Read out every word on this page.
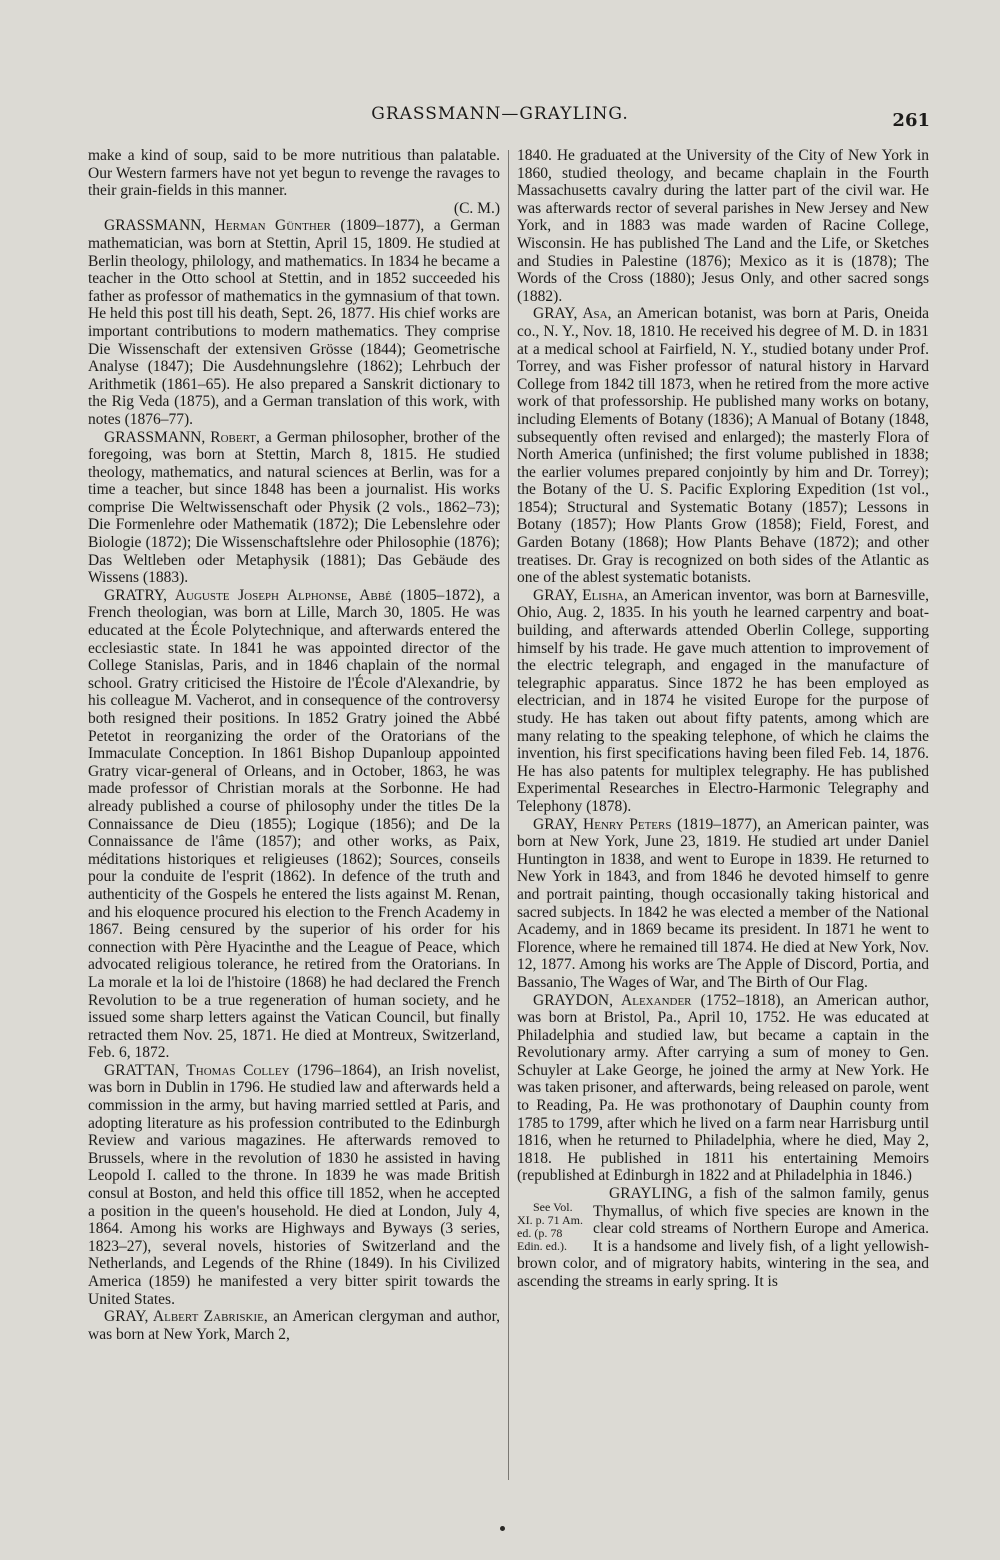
GRASSMANN—GRAYLING.	261

make a kind of soup, said to be more nutritious than palatable. Our Western farmers have not yet begun to revenge the ravages to their grain-fields in this manner.

(C. M.)

GRASSMANN, Herman Günther (1809–1877), a German mathematician, was born at Stettin, April 15, 1809. He studied at Berlin theology, philology, and mathematics. In 1834 he became a teacher in the Otto school at Stettin, and in 1852 succeeded his father as professor of mathematics in the gymnasium of that town. He held this post till his death, Sept. 26, 1877. His chief works are important contributions to modern mathematics. They comprise Die Wissenschaft der extensiven Grösse (1844); Geometrische Analyse (1847); Die Ausdehnungslehre (1862); Lehrbuch der Arithmetik (1861–65). He also prepared a Sanskrit dictionary to the Rig Veda (1875), and a German translation of this work, with notes (1876–77).

GRASSMANN, Robert, a German philosopher, brother of the foregoing, was born at Stettin, March 8, 1815. He studied theology, mathematics, and natural sciences at Berlin, was for a time a teacher, but since 1848 has been a journalist. His works comprise Die Weltwissenschaft oder Physik (2 vols., 1862–73); Die Formenlehre oder Mathematik (1872); Die Lebenslehre oder Biologie (1872); Die Wissenschaftslehre oder Philosophie (1876); Das Weltleben oder Metaphysik (1881); Das Gebäude des Wissens (1883).

GRATRY, Auguste Joseph Alphonse, Abbé (1805–1872), a French theologian, was born at Lille, March 30, 1805. He was educated at the École Polytechnique, and afterwards entered the ecclesiastic state. In 1841 he was appointed director of the College Stanislas, Paris, and in 1846 chaplain of the normal school. Gratry criticised the Histoire de l'École d'Alexandrie, by his colleague M. Vacherot, and in consequence of the controversy both resigned their positions. In 1852 Gratry joined the Abbé Petetot in reorganizing the order of the Oratorians of the Immaculate Conception. In 1861 Bishop Dupanloup appointed Gratry vicar-general of Orleans, and in October, 1863, he was made professor of Christian morals at the Sorbonne. He had already published a course of philosophy under the titles De la Connaissance de Dieu (1855); Logique (1856); and De la Connaissance de l'âme (1857); and other works, as Paix, méditations historiques et religieuses (1862); Sources, conseils pour la conduite de l'esprit (1862). In defence of the truth and authenticity of the Gospels he entered the lists against M. Renan, and his eloquence procured his election to the French Academy in 1867. Being censured by the superior of his order for his connection with Père Hyacinthe and the League of Peace, which advocated religious tolerance, he retired from the Oratorians. In La morale et la loi de l'histoire (1868) he had declared the French Revolution to be a true regeneration of human society, and he issued some sharp letters against the Vatican Council, but finally retracted them Nov. 25, 1871. He died at Montreux, Switzerland, Feb. 6, 1872.

GRATTAN, Thomas Colley (1796–1864), an Irish novelist, was born in Dublin in 1796. He studied law and afterwards held a commission in the army, but having married settled at Paris, and adopting literature as his profession contributed to the Edinburgh Review and various magazines. He afterwards removed to Brussels, where in the revolution of 1830 he assisted in having Leopold I. called to the throne. In 1839 he was made British consul at Boston, and held this office till 1852, when he accepted a position in the queen's household. He died at London, July 4, 1864. Among his works are Highways and Byways (3 series, 1823–27), several novels, histories of Switzerland and the Netherlands, and Legends of the Rhine (1849). In his Civilized America (1859) he manifested a very bitter spirit towards the United States.

GRAY, Albert Zabriskie, an American clergyman and author, was born at New York, March 2,

1840. He graduated at the University of the City of New York in 1860, studied theology, and became chaplain in the Fourth Massachusetts cavalry during the latter part of the civil war. He was afterwards rector of several parishes in New Jersey and New York, and in 1883 was made warden of Racine College, Wisconsin. He has published The Land and the Life, or Sketches and Studies in Palestine (1876); Mexico as it is (1878); The Words of the Cross (1880); Jesus Only, and other sacred songs (1882).

GRAY, Asa, an American botanist, was born at Paris, Oneida co., N. Y., Nov. 18, 1810. He received his degree of M. D. in 1831 at a medical school at Fairfield, N. Y., studied botany under Prof. Torrey, and was Fisher professor of natural history in Harvard College from 1842 till 1873, when he retired from the more active work of that professorship. He published many works on botany, including Elements of Botany (1836); A Manual of Botany (1848, subsequently often revised and enlarged); the masterly Flora of North America (unfinished; the first volume published in 1838; the earlier volumes prepared conjointly by him and Dr. Torrey); the Botany of the U. S. Pacific Exploring Expedition (1st vol., 1854); Structural and Systematic Botany (1857); Lessons in Botany (1857); How Plants Grow (1858); Field, Forest, and Garden Botany (1868); How Plants Behave (1872); and other treatises. Dr. Gray is recognized on both sides of the Atlantic as one of the ablest systematic botanists.

GRAY, Elisha, an American inventor, was born at Barnesville, Ohio, Aug. 2, 1835. In his youth he learned carpentry and boat-building, and afterwards attended Oberlin College, supporting himself by his trade. He gave much attention to improvement of the electric telegraph, and engaged in the manufacture of telegraphic apparatus. Since 1872 he has been employed as electrician, and in 1874 he visited Europe for the purpose of study. He has taken out about fifty patents, among which are many relating to the speaking telephone, of which he claims the invention, his first specifications having been filed Feb. 14, 1876. He has also patents for multiplex telegraphy. He has published Experimental Researches in Electro-Harmonic Telegraphy and Telephony (1878).

GRAY, Henry Peters (1819–1877), an American painter, was born at New York, June 23, 1819. He studied art under Daniel Huntington in 1838, and went to Europe in 1839. He returned to New York in 1843, and from 1846 he devoted himself to genre and portrait painting, though occasionally taking historical and sacred subjects. In 1842 he was elected a member of the National Academy, and in 1869 became its president. In 1871 he went to Florence, where he remained till 1874. He died at New York, Nov. 12, 1877. Among his works are The Apple of Discord, Portia, and Bassanio, The Wages of War, and The Birth of Our Flag.

GRAYDON, Alexander (1752–1818), an American author, was born at Bristol, Pa., April 10, 1752. He was educated at Philadelphia and studied law, but became a captain in the Revolutionary army. After carrying a sum of money to Gen. Schuyler at Lake George, he joined the army at New York. He was taken prisoner, and afterwards, being released on parole, went to Reading, Pa. He was prothonotary of Dauphin county from 1785 to 1799, after which he lived on a farm near Harrisburg until 1816, when he returned to Philadelphia, where he died, May 2, 1818. He published in 1811 his entertaining Memoirs (republished at Edinburgh in 1822 and at Philadelphia in 1846.)

See Vol. XI. p. 71 Am. ed. (p. 78 Edin. ed.).
GRAYLING, a fish of the salmon family, genus Thymallus, of which five species are known in the clear cold streams of Northern Europe and America. It is a handsome and lively fish, of a light yellowish-brown color, and of migratory habits, wintering in the sea, and ascending the streams in early spring. It is
